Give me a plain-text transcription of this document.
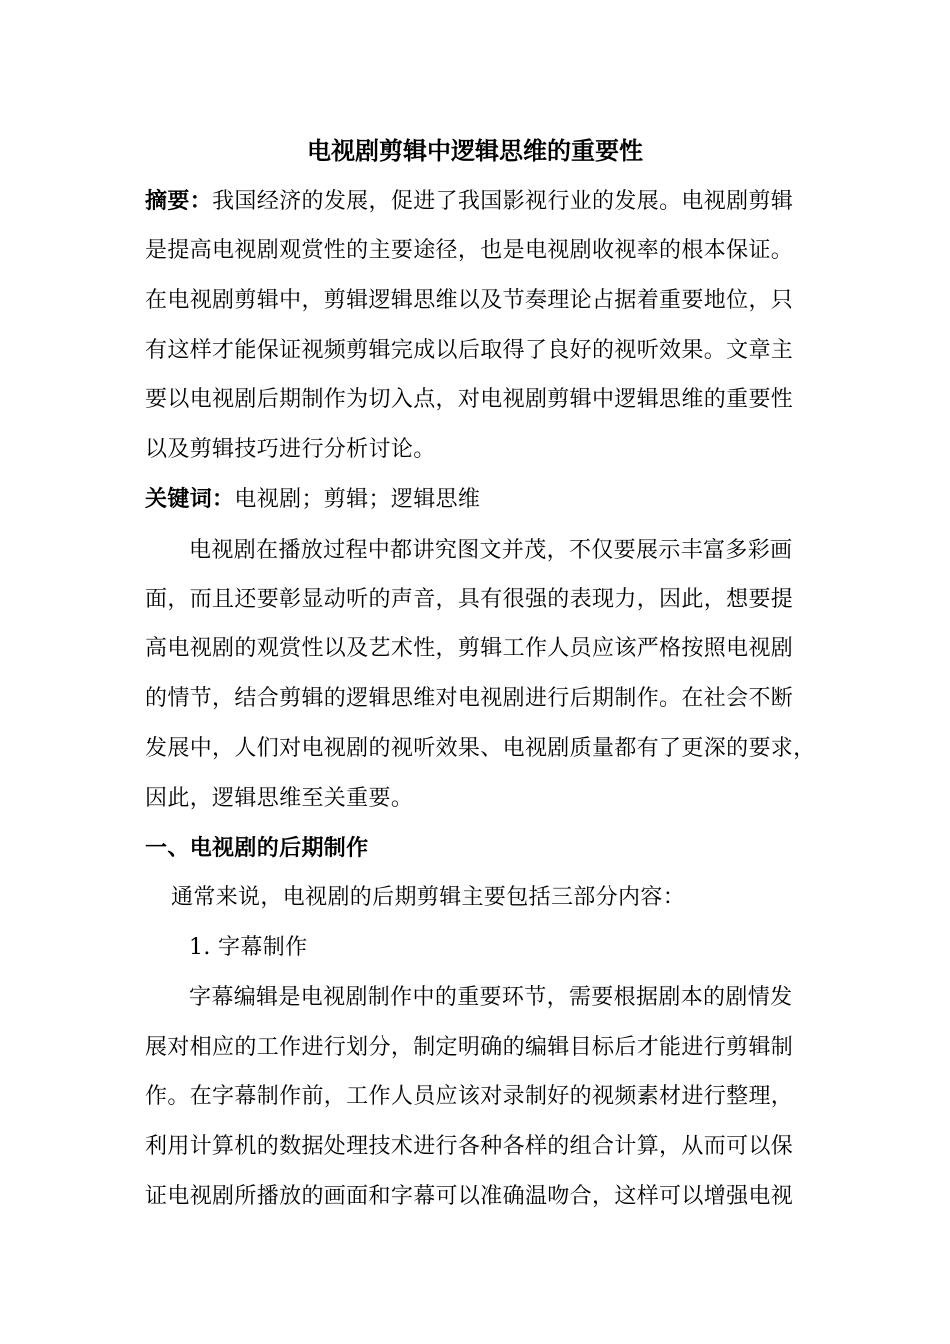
电视剧剪辑中逻辑思维的重要性
摘要：我国经济的发展，促进了我国影视行业的发展。电视剧剪辑
是提高电视剧观赏性的主要途径，也是电视剧收视率的根本保证。
在电视剧剪辑中，剪辑逻辑思维以及节奏理论占据着重要地位，只
有这样才能保证视频剪辑完成以后取得了良好的视听效果。文章主
要以电视剧后期制作为切入点，对电视剧剪辑中逻辑思维的重要性
以及剪辑技巧进行分析讨论。
关键词：电视剧；剪辑；逻辑思维
电视剧在播放过程中都讲究图文并茂，不仅要展示丰富多彩画
面，而且还要彰显动听的声音，具有很强的表现力，因此，想要提
高电视剧的观赏性以及艺术性，剪辑工作人员应该严格按照电视剧
的情节，结合剪辑的逻辑思维对电视剧进行后期制作。在社会不断
发展中，人们对电视剧的视听效果、电视剧质量都有了更深的要求，
因此，逻辑思维至关重要。
一、电视剧的后期制作
通常来说，电视剧的后期剪辑主要包括三部分内容：
1. 字幕制作
字幕编辑是电视剧制作中的重要环节，需要根据剧本的剧情发
展对相应的工作进行划分，制定明确的编辑目标后才能进行剪辑制
作。在字幕制作前，工作人员应该对录制好的视频素材进行整理，
利用计算机的数据处理技术进行各种各样的组合计算，从而可以保
证电视剧所播放的画面和字幕可以准确温吻合，这样可以增强电视
